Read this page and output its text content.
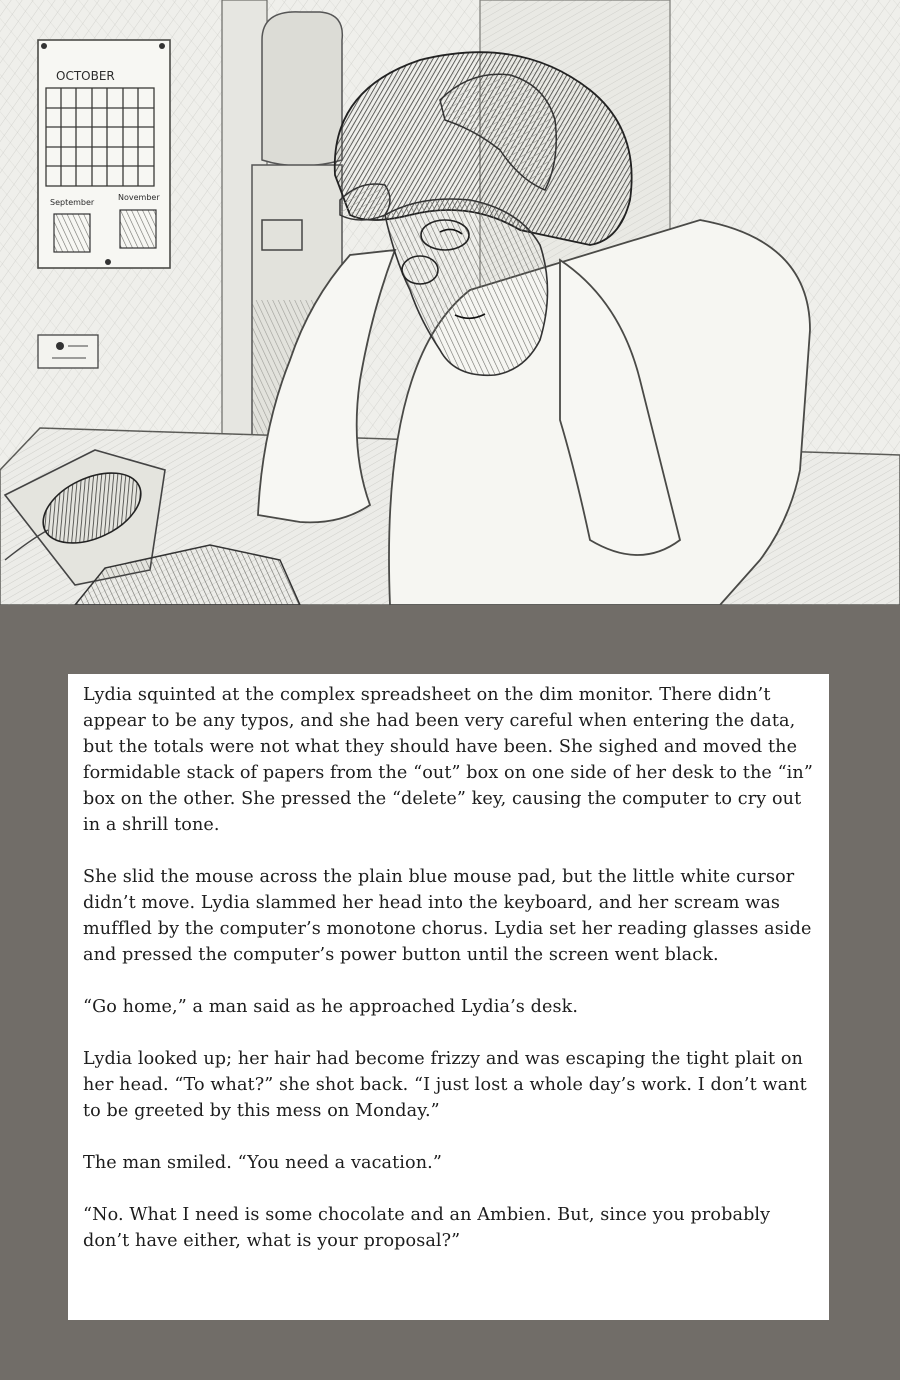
OCTOBER
September
November

Lydia squinted at the complex spreadsheet on the dim monitor. There didn’t appear to be any typos, and she had been very careful when entering the data, but the totals were not what they should have been. She sighed and moved the formidable stack of papers from the “out” box on one side of her desk to the “in” box on the other. She pressed the “delete” key, causing the computer to cry out in a shrill tone.

She slid the mouse across the plain blue mouse pad, but the little white cursor didn’t move. Lydia slammed her head into the keyboard, and her scream was muffled by the computer’s monotone chorus. Lydia set her reading glasses aside and pressed the computer’s power button until the screen went black.

“Go home,” a man said as he approached Lydia’s desk.

Lydia looked up; her hair had become frizzy and was escaping the tight plait on her head. “To what?” she shot back. “I just lost a whole day’s work. I don’t want to be greeted by this mess on Monday.”

The man smiled. “You need a vacation.”

“No. What I need is some chocolate and an Ambien. But, since you probably don’t have either, what is your proposal?”
